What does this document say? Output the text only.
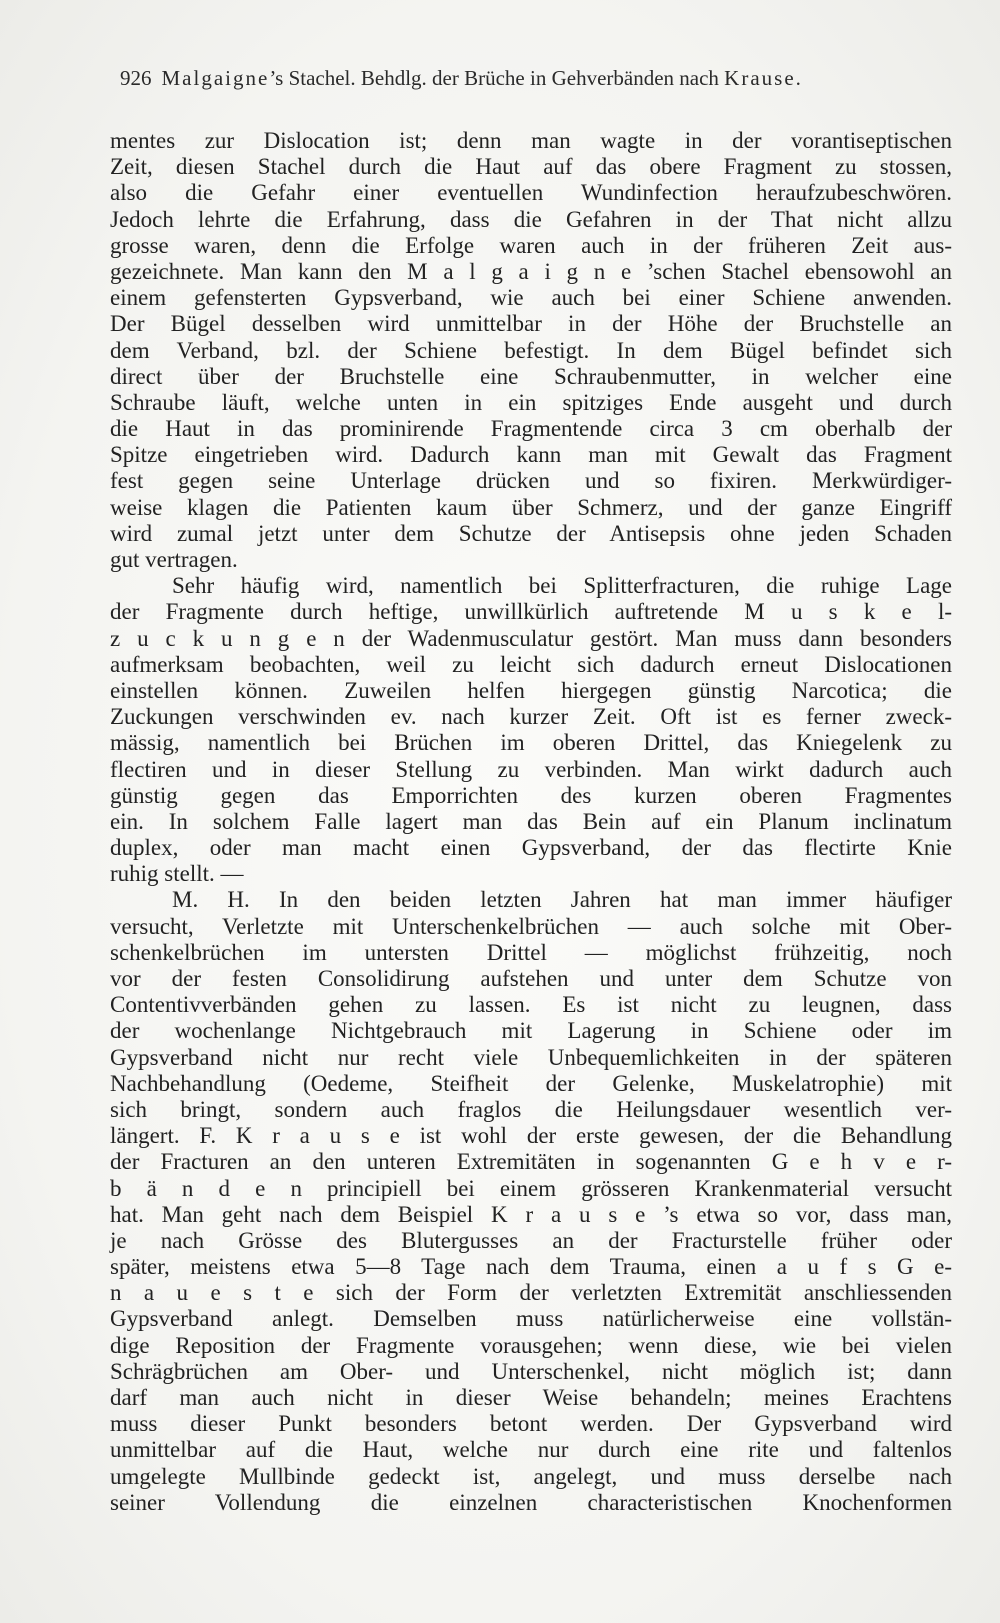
926 Malgaigne’s Stachel. Behdlg. der Brüche in Gehverbänden nach Krause.
mentes zur Dislocation ist; denn man wagte in der vorantiseptischen
Zeit, diesen Stachel durch die Haut auf das obere Fragment zu stossen,
also die Gefahr einer eventuellen Wundinfection heraufzubeschwören.
Jedoch lehrte die Erfahrung, dass die Gefahren in der That nicht allzu
grosse waren, denn die Erfolge waren auch in der früheren Zeit aus-
gezeichnete. Man kann den M a l g a i g n e ’schen Stachel ebensowohl an
einem gefensterten Gypsverband, wie auch bei einer Schiene anwenden.
Der Bügel desselben wird unmittelbar in der Höhe der Bruchstelle an
dem Verband, bzl. der Schiene befestigt. In dem Bügel befindet sich
direct über der Bruchstelle eine Schraubenmutter, in welcher eine
Schraube läuft, welche unten in ein spitziges Ende ausgeht und durch
die Haut in das prominirende Fragmentende circa 3 cm oberhalb der
Spitze eingetrieben wird. Dadurch kann man mit Gewalt das Fragment
fest gegen seine Unterlage drücken und so fixiren. Merkwürdiger-
weise klagen die Patienten kaum über Schmerz, und der ganze Eingriff
wird zumal jetzt unter dem Schutze der Antisepsis ohne jeden Schaden
gut vertragen.
Sehr häufig wird, namentlich bei Splitterfracturen, die ruhige Lage
der Fragmente durch heftige, unwillkürlich auftretende M u s k e l-
z u c k u n g e n der Wadenmusculatur gestört. Man muss dann besonders
aufmerksam beobachten, weil zu leicht sich dadurch erneut Dislocationen
einstellen können. Zuweilen helfen hiergegen günstig Narcotica; die
Zuckungen verschwinden ev. nach kurzer Zeit. Oft ist es ferner zweck-
mässig, namentlich bei Brüchen im oberen Drittel, das Kniegelenk zu
flectiren und in dieser Stellung zu verbinden. Man wirkt dadurch auch
günstig gegen das Emporrichten des kurzen oberen Fragmentes
ein. In solchem Falle lagert man das Bein auf ein Planum inclinatum
duplex, oder man macht einen Gypsverband, der das flectirte Knie
ruhig stellt. —
M. H. In den beiden letzten Jahren hat man immer häufiger
versucht, Verletzte mit Unterschenkelbrüchen — auch solche mit Ober-
schenkelbrüchen im untersten Drittel — möglichst frühzeitig, noch
vor der festen Consolidirung aufstehen und unter dem Schutze von
Contentivverbänden gehen zu lassen. Es ist nicht zu leugnen, dass
der wochenlange Nichtgebrauch mit Lagerung in Schiene oder im
Gypsverband nicht nur recht viele Unbequemlichkeiten in der späteren
Nachbehandlung (Oedeme, Steifheit der Gelenke, Muskelatrophie) mit
sich bringt, sondern auch fraglos die Heilungsdauer wesentlich ver-
längert. F. K r a u s e ist wohl der erste gewesen, der die Behandlung
der Fracturen an den unteren Extremitäten in sogenannten G e h v e r-
b ä n d e n principiell bei einem grösseren Krankenmaterial versucht
hat. Man geht nach dem Beispiel K r a u s e ’s etwa so vor, dass man,
je nach Grösse des Blutergusses an der Fracturstelle früher oder
später, meistens etwa 5—8 Tage nach dem Trauma, einen a u f s G e-
n a u e s t e sich der Form der verletzten Extremität anschliessenden
Gypsverband anlegt. Demselben muss natürlicherweise eine vollstän-
dige Reposition der Fragmente vorausgehen; wenn diese, wie bei vielen
Schrägbrüchen am Ober- und Unterschenkel, nicht möglich ist; dann
darf man auch nicht in dieser Weise behandeln; meines Erachtens
muss dieser Punkt besonders betont werden. Der Gypsverband wird
unmittelbar auf die Haut, welche nur durch eine rite und faltenlos
umgelegte Mullbinde gedeckt ist, angelegt, und muss derselbe nach
seiner Vollendung die einzelnen characteristischen Knochenformen
